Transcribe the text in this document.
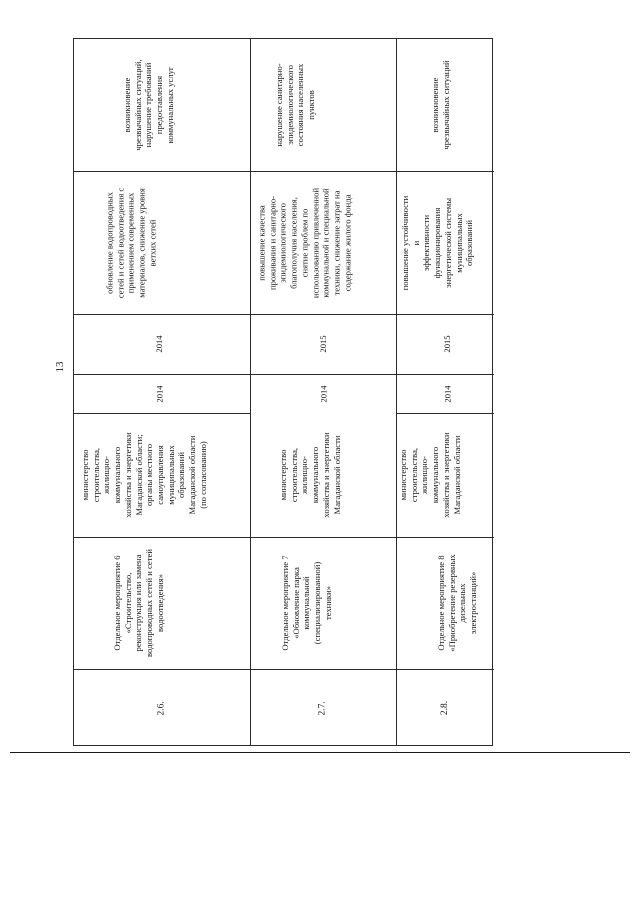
13
2.6.
Отдельное мероприятие 6
«Строительство,
реконструкция или замена
водопроводных сетей и сетей
водоотведения»
министерство
строительства,
жилищно-
коммунального
хозяйства и энергетики
Магаданской области;
органы местного
самоуправления
муниципальных
образований
Магаданской области
(по согласованию)
2014
2014
обновление водопроводных
сетей и сетей водоотведения с
применением современных
материалов, снижение уровня
ветхих сетей
возникновение
чрезвычайных ситуаций,
нарушение требований
предоставления
коммунальных услуг
2.7.
Отдельное мероприятие 7
«Обновление парка
коммунальной
(специализированной)
техники»
министерство
строительства,
жилищно-
коммунального
хозяйства и энергетики
Магаданской области
2014
2015
повышение качества
проживания и санитарно-
эпидемиологического
благополучия населения,
снятие проблем по
использованию привлеченной
коммунальной и специальной
техники, снижение затрат на
содержание жилого фонда
нарушение санитарно-
эпидемиологического
состояния населенных
пунктов
2.8.
Отдельное мероприятие 8
«Приобретение резервных
дизельных электростанций»
министерство
строительства,
жилищно-
коммунального
хозяйства и энергетики
Магаданской области
2014
2015
повышение устойчивости и
эффективности
функционирования
энергетической системы
муниципальных образований
возникновение
чрезвычайных ситуаций
